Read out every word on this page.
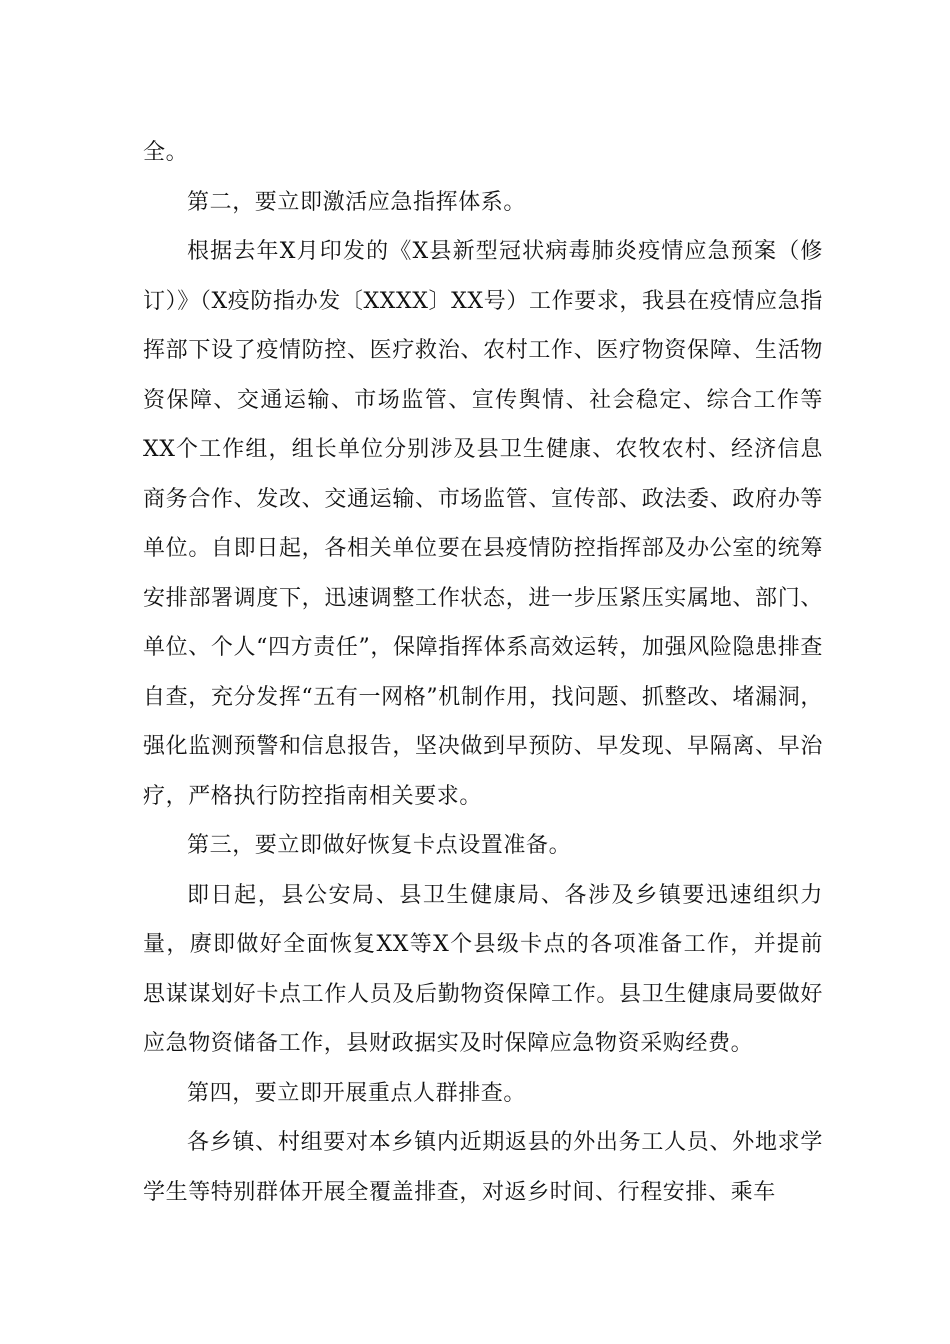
全。

第二，要立即激活应急指挥体系。

根据去年X月印发的《X县新型冠状病毒肺炎疫情应急预案（修订）》（X疫防指办发〔XXXX〕XX号）工作要求，我县在疫情应急指挥部下设了疫情防控、医疗救治、农村工作、医疗物资保障、生活物资保障、交通运输、市场监管、宣传舆情、社会稳定、综合工作等XX个工作组，组长单位分别涉及县卫生健康、农牧农村、经济信息商务合作、发改、交通运输、市场监管、宣传部、政法委、政府办等单位。自即日起，各相关单位要在县疫情防控指挥部及办公室的统筹安排部署调度下，迅速调整工作状态，进一步压紧压实属地、部门、单位、个人“四方责任”，保障指挥体系高效运转，加强风险隐患排查自查，充分发挥“五有一网格”机制作用，找问题、抓整改、堵漏洞，强化监测预警和信息报告，坚决做到早预防、早发现、早隔离、早治疗，严格执行防控指南相关要求。

第三，要立即做好恢复卡点设置准备。

即日起，县公安局、县卫生健康局、各涉及乡镇要迅速组织力量，赓即做好全面恢复XX等X个县级卡点的各项准备工作，并提前思谋谋划好卡点工作人员及后勤物资保障工作。县卫生健康局要做好应急物资储备工作，县财政据实及时保障应急物资采购经费。

第四，要立即开展重点人群排查。

各乡镇、村组要对本乡镇内近期返县的外出务工人员、外地求学学生等特别群体开展全覆盖排查，对返乡时间、行程安排、乘车
